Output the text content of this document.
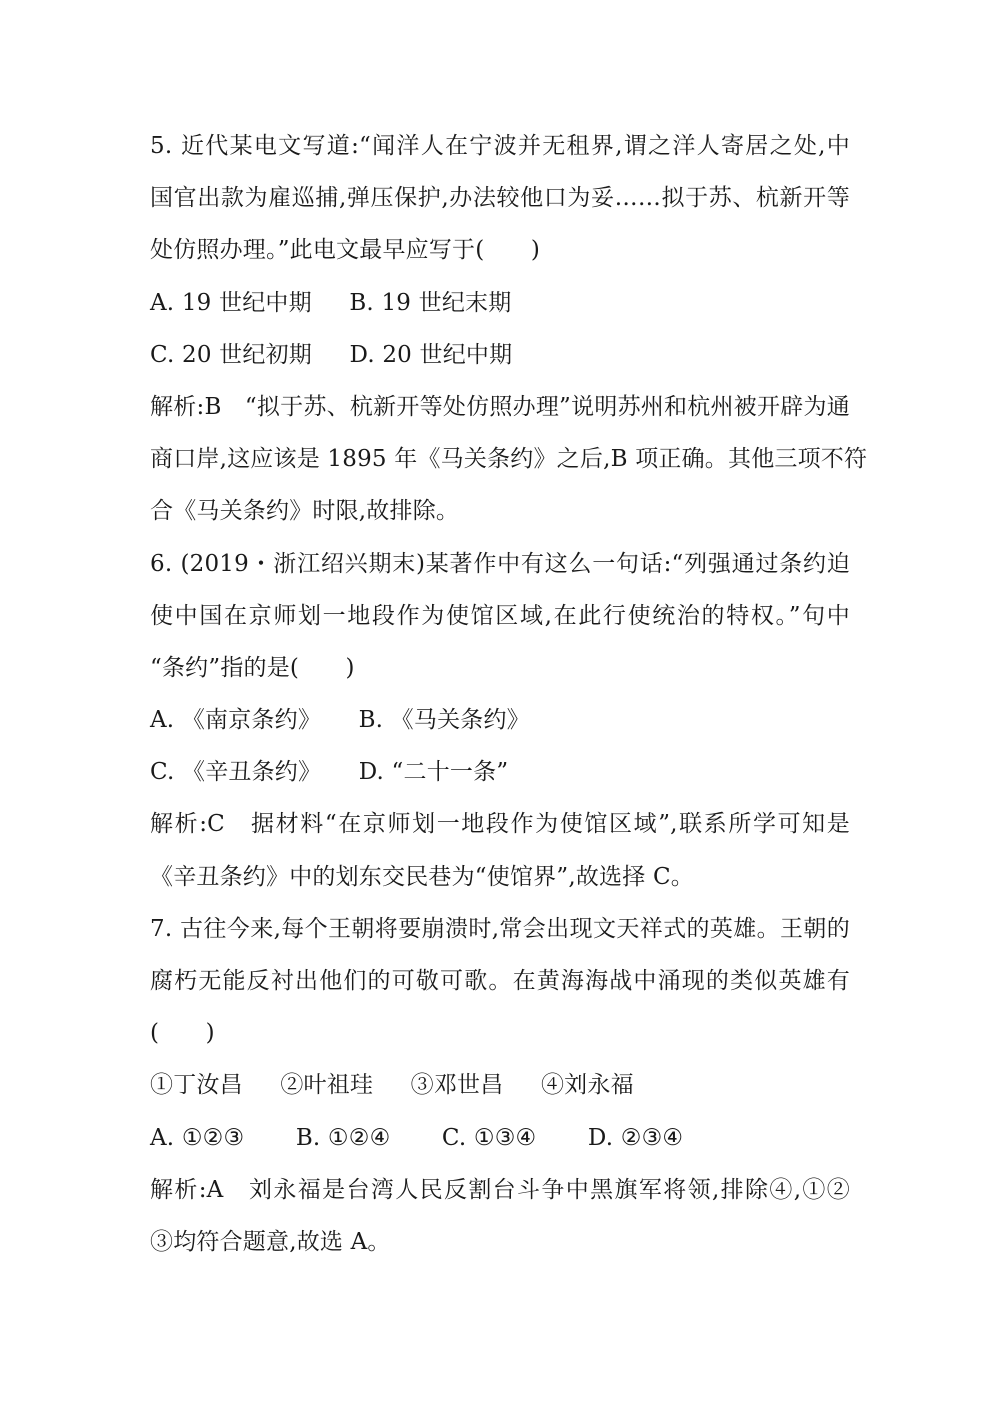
5. 近代某电文写道:“闻洋人在宁波并无租界,谓之洋人寄居之处,中
国官出款为雇巡捕,弹压保护,办法较他口为妥……拟于苏、杭新开等
处仿照办理。”此电文最早应写于(　　)
A. 19 世纪中期 B. 19 世纪末期
C. 20 世纪初期 D. 20 世纪中期
解析:B　“拟于苏、杭新开等处仿照办理”说明苏州和杭州被开辟为通
商口岸,这应该是 1895 年《马关条约》之后,B 项正确。其他三项不符
合《马关条约》时限,故排除。
6. (2019・浙江绍兴期末)某著作中有这么一句话:“列强通过条约迫
使中国在京师划一地段作为使馆区域,在此行使统治的特权。”句中
“条约”指的是(　　)
A. 《南京条约》 B. 《马关条约》
C. 《辛丑条约》 D. “二十一条”
解析:C　据材料“在京师划一地段作为使馆区域”,联系所学可知是
《辛丑条约》中的划东交民巷为“使馆界”,故选择 C。
7. 古往今来,每个王朝将要崩溃时,常会出现文天祥式的英雄。王朝的
腐朽无能反衬出他们的可敬可歌。在黄海海战中涌现的类似英雄有
(　　)
①丁汝昌 ②叶祖珪 ③邓世昌 ④刘永福
A. ①②③ B. ①②④ C. ①③④ D. ②③④
解析:A　刘永福是台湾人民反割台斗争中黑旗军将领,排除④,①②
③均符合题意,故选 A。
